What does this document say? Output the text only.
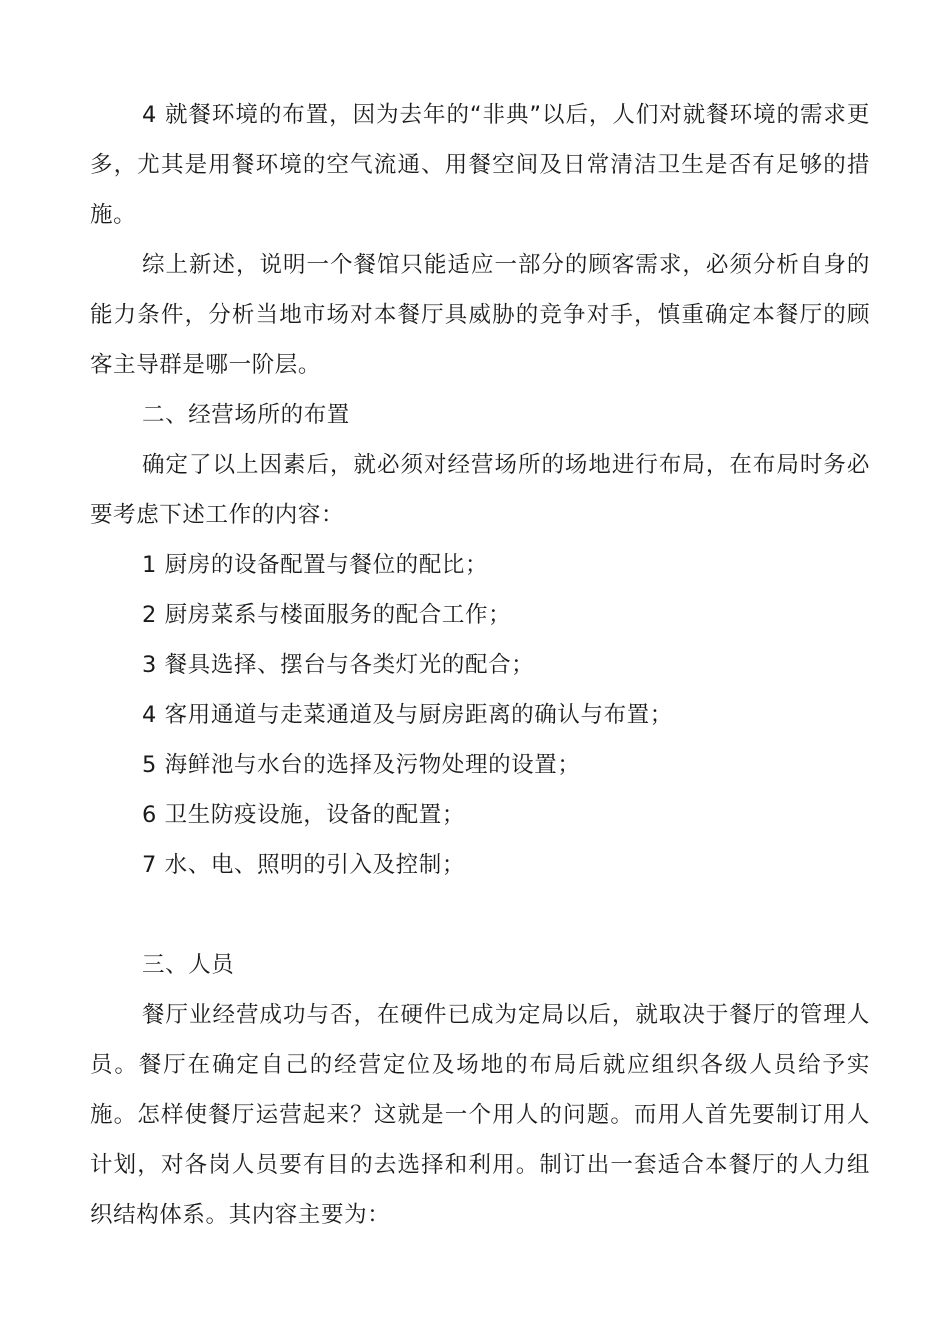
4 就餐环境的布置，因为去年的“非典”以后，人们对就餐环境的需求更多，尤其是用餐环境的空气流通、用餐空间及日常清洁卫生是否有足够的措施。

综上新述，说明一个餐馆只能适应一部分的顾客需求，必须分析自身的能力条件，分析当地市场对本餐厅具威胁的竞争对手，慎重确定本餐厅的顾客主导群是哪一阶层。

二、经营场所的布置

确定了以上因素后，就必须对经营场所的场地进行布局，在布局时务必要考虑下述工作的内容：

1 厨房的设备配置与餐位的配比；

2 厨房菜系与楼面服务的配合工作；

3 餐具选择、摆台与各类灯光的配合；

4 客用通道与走菜通道及与厨房距离的确认与布置；

5 海鲜池与水台的选择及污物处理的设置；

6 卫生防疫设施，设备的配置；

7 水、电、照明的引入及控制；

三、人员

餐厅业经营成功与否，在硬件已成为定局以后，就取决于餐厅的管理人员。餐厅在确定自己的经营定位及场地的布局后就应组织各级人员给予实施。怎样使餐厅运营起来？这就是一个用人的问题。而用人首先要制订用人计划，对各岗人员要有目的去选择和利用。制订出一套适合本餐厅的人力组织结构体系。其内容主要为：
